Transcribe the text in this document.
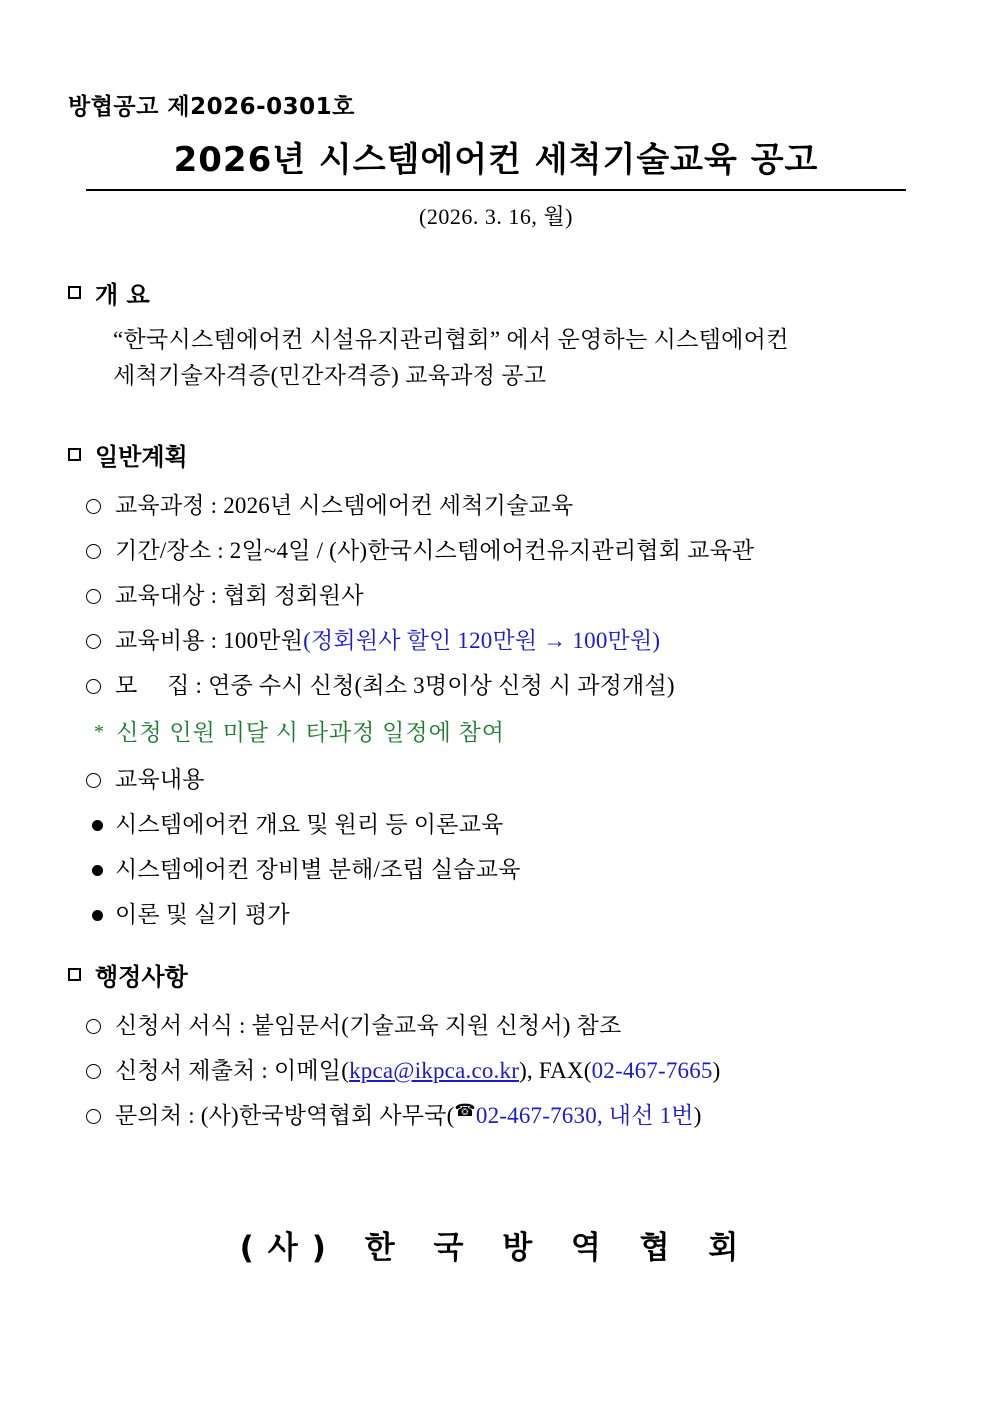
방협공고 제2026-0301호
2026년 시스템에어컨 세척기술교육 공고
(2026. 3. 16, 월)
개 요
“한국시스템에어컨 시설유지관리협회” 에서 운영하는 시스템에어컨
세척기술자격증(민간자격증) 교육과정 공고
일반계획
교육과정 : 2026년 시스템에어컨 세척기술교육
기간/장소 : 2일~4일 / (사)한국시스템에어컨유지관리협회 교육관
교육대상 : 협회 정회원사
교육비용 : 100만원 (정회원사 할인 120만원 → 100만원)
모     집 : 연중 수시 신청(최소 3명이상 신청 시 과정개설)
* 신청 인원 미달 시 타과정 일정에 참여
교육내용
시스템에어컨 개요 및 원리 등 이론교육
시스템에어컨 장비별 분해/조립 실습교육
이론 및 실기 평가
행정사항
신청서 서식 : 붙임문서(기술교육 지원 신청서) 참조
신청서 제출처 : 이메일( kpca@ikpca.co.kr ), FAX( 02-467-7665 )
문의처 : (사)한국방역협회 사무국( ☎ 02-467-7630, 내선 1번 )
(사) 한 국 방 역 협 회
